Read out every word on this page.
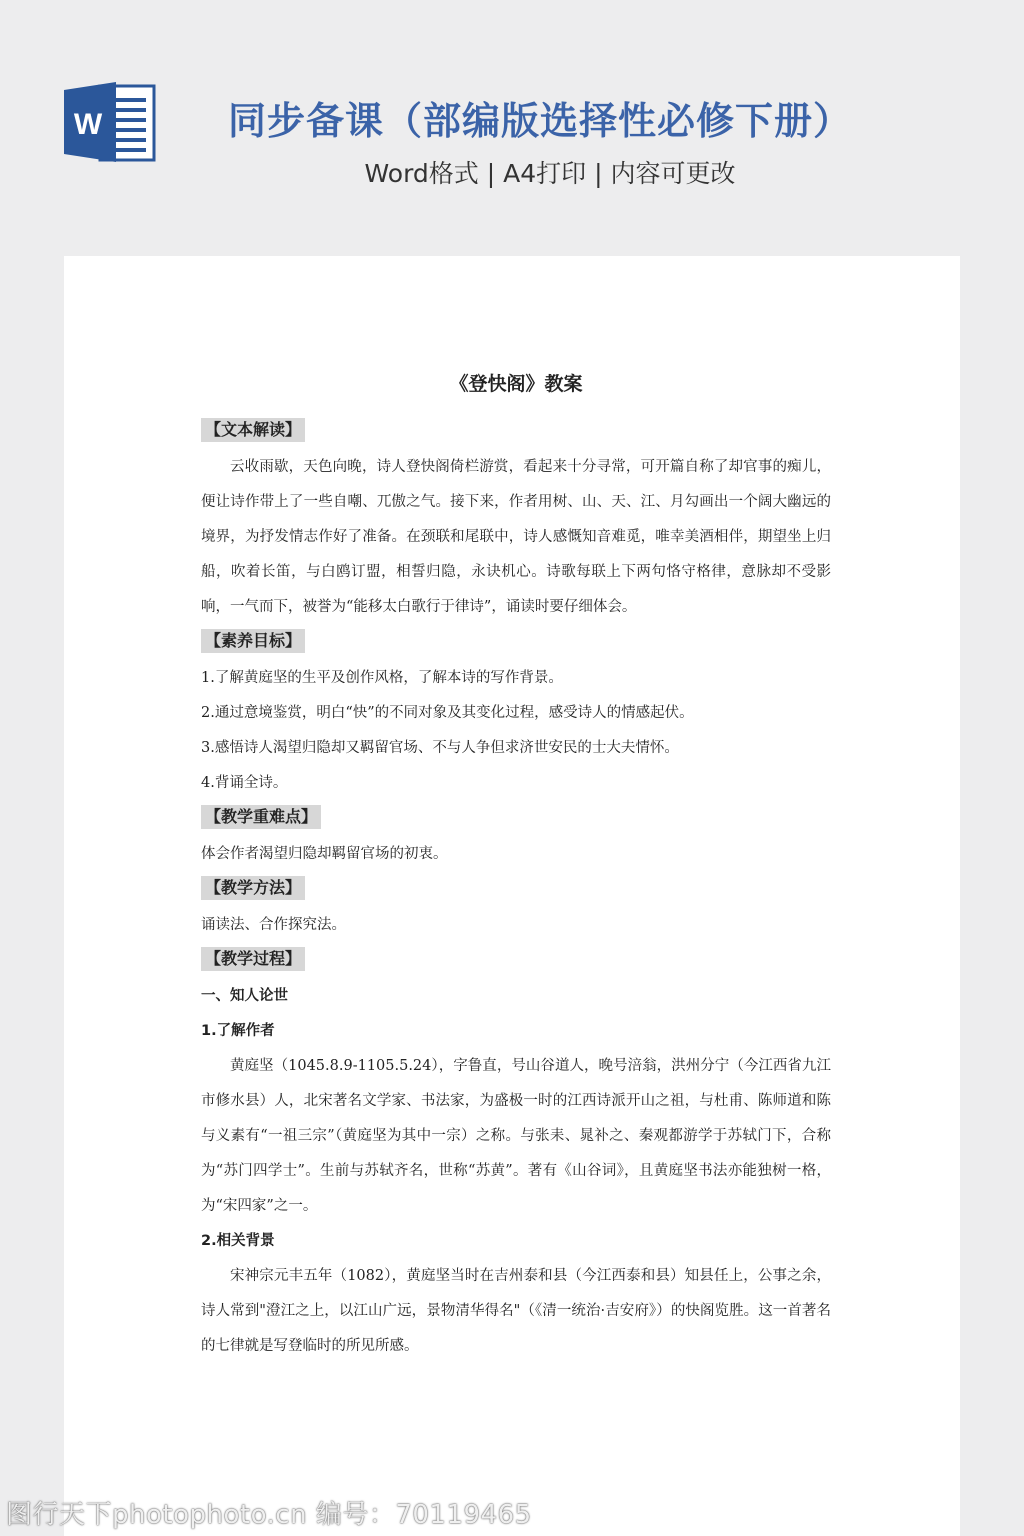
W	同步备课（部编版选择性必修下册）

Word格式 | A4打印 | 内容可更改

《登快阁》教案
【文本解读】

云收雨歇，天色向晚，诗人登快阁倚栏游赏，看起来十分寻常，可开篇自称了却官事的痴儿，便让诗作带上了一些自嘲、兀傲之气。接下来，作者用树、山、天、江、月勾画出一个阔大幽远的境界，为抒发情志作好了准备。在颈联和尾联中，诗人感慨知音难觅，唯幸美酒相伴，期望坐上归船，吹着长笛，与白鸥订盟，相誓归隐，永诀机心。诗歌每联上下两句恪守格律，意脉却不受影响，一气而下，被誉为“能移太白歌行于律诗”，诵读时要仔细体会。

【素养目标】

1.了解黄庭坚的生平及创作风格，了解本诗的写作背景。

2.通过意境鉴赏，明白“快”的不同对象及其变化过程，感受诗人的情感起伏。

3.感悟诗人渴望归隐却又羁留官场、不与人争但求济世安民的士大夫情怀。

4.背诵全诗。

【教学重难点】

体会作者渴望归隐却羁留官场的初衷。

【教学方法】

诵读法、合作探究法。

【教学过程】

一、知人论世

1.了解作者

黄庭坚（1045.8.9-1105.5.24），字鲁直，号山谷道人，晚号涪翁，洪州分宁（今江西省九江市修水县）人，北宋著名文学家、书法家，为盛极一时的江西诗派开山之祖，与杜甫、陈师道和陈与义素有“一祖三宗”（黄庭坚为其中一宗）之称。与张耒、晁补之、秦观都游学于苏轼门下，合称为“苏门四学士”。生前与苏轼齐名，世称“苏黄”。著有《山谷词》，且黄庭坚书法亦能独树一格，为“宋四家”之一。

2.相关背景

宋神宗元丰五年（1082），黄庭坚当时在吉州泰和县（今江西泰和县）知县任上，公事之余，诗人常到"澄江之上，以江山广远，景物清华得名"（《清一统治·吉安府》）的快阁览胜。这一首著名的七律就是写登临时的所见所感。

图行天下photophoto.cn 编号：70119465
